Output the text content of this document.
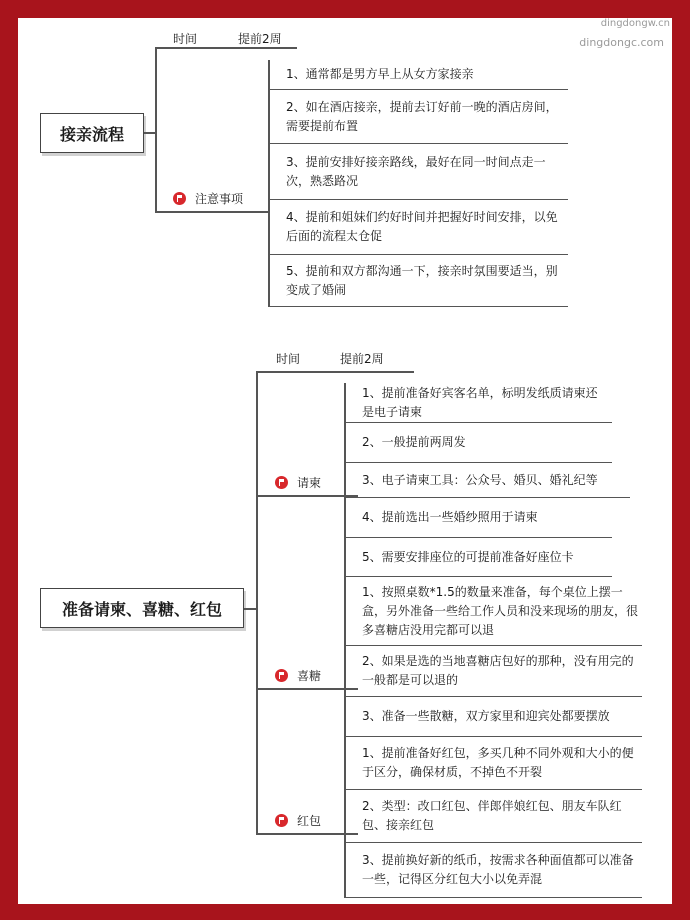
dingdongw.cn
dingdongc.com
接亲流程
时间	提前2周
注意事项
1、通常都是男方早上从女方家接亲
2、如在酒店接亲，提前去订好前一晚的酒店房间，需要提前布置
3、提前安排好接亲路线，最好在同一时间点走一次，熟悉路况
4、提前和姐妹们约好时间并把握好时间安排，以免后面的流程太仓促
5、提前和双方都沟通一下，接亲时氛围要适当，别变成了婚闹
准备请柬、喜糖、红包
时间	提前2周
请柬
1、提前准备好宾客名单，标明发纸质请柬还是电子请柬
2、一般提前两周发
3、电子请柬工具：公众号、婚贝、婚礼纪等
4、提前选出一些婚纱照用于请柬
5、需要安排座位的可提前准备好座位卡
喜糖
1、按照桌数*1.5的数量来准备，每个桌位上摆一盒，另外准备一些给工作人员和没来现场的朋友，很多喜糖店没用完都可以退
2、如果是选的当地喜糖店包好的那种，没有用完的一般都是可以退的
3、准备一些散糖，双方家里和迎宾处都要摆放
红包
1、提前准备好红包，多买几种不同外观和大小的便于区分，确保材质，不掉色不开裂
2、类型：改口红包、伴郎伴娘红包、朋友车队红包、接亲红包
3、提前换好新的纸币，按需求各种面值都可以准备一些，记得区分红包大小以免弄混
